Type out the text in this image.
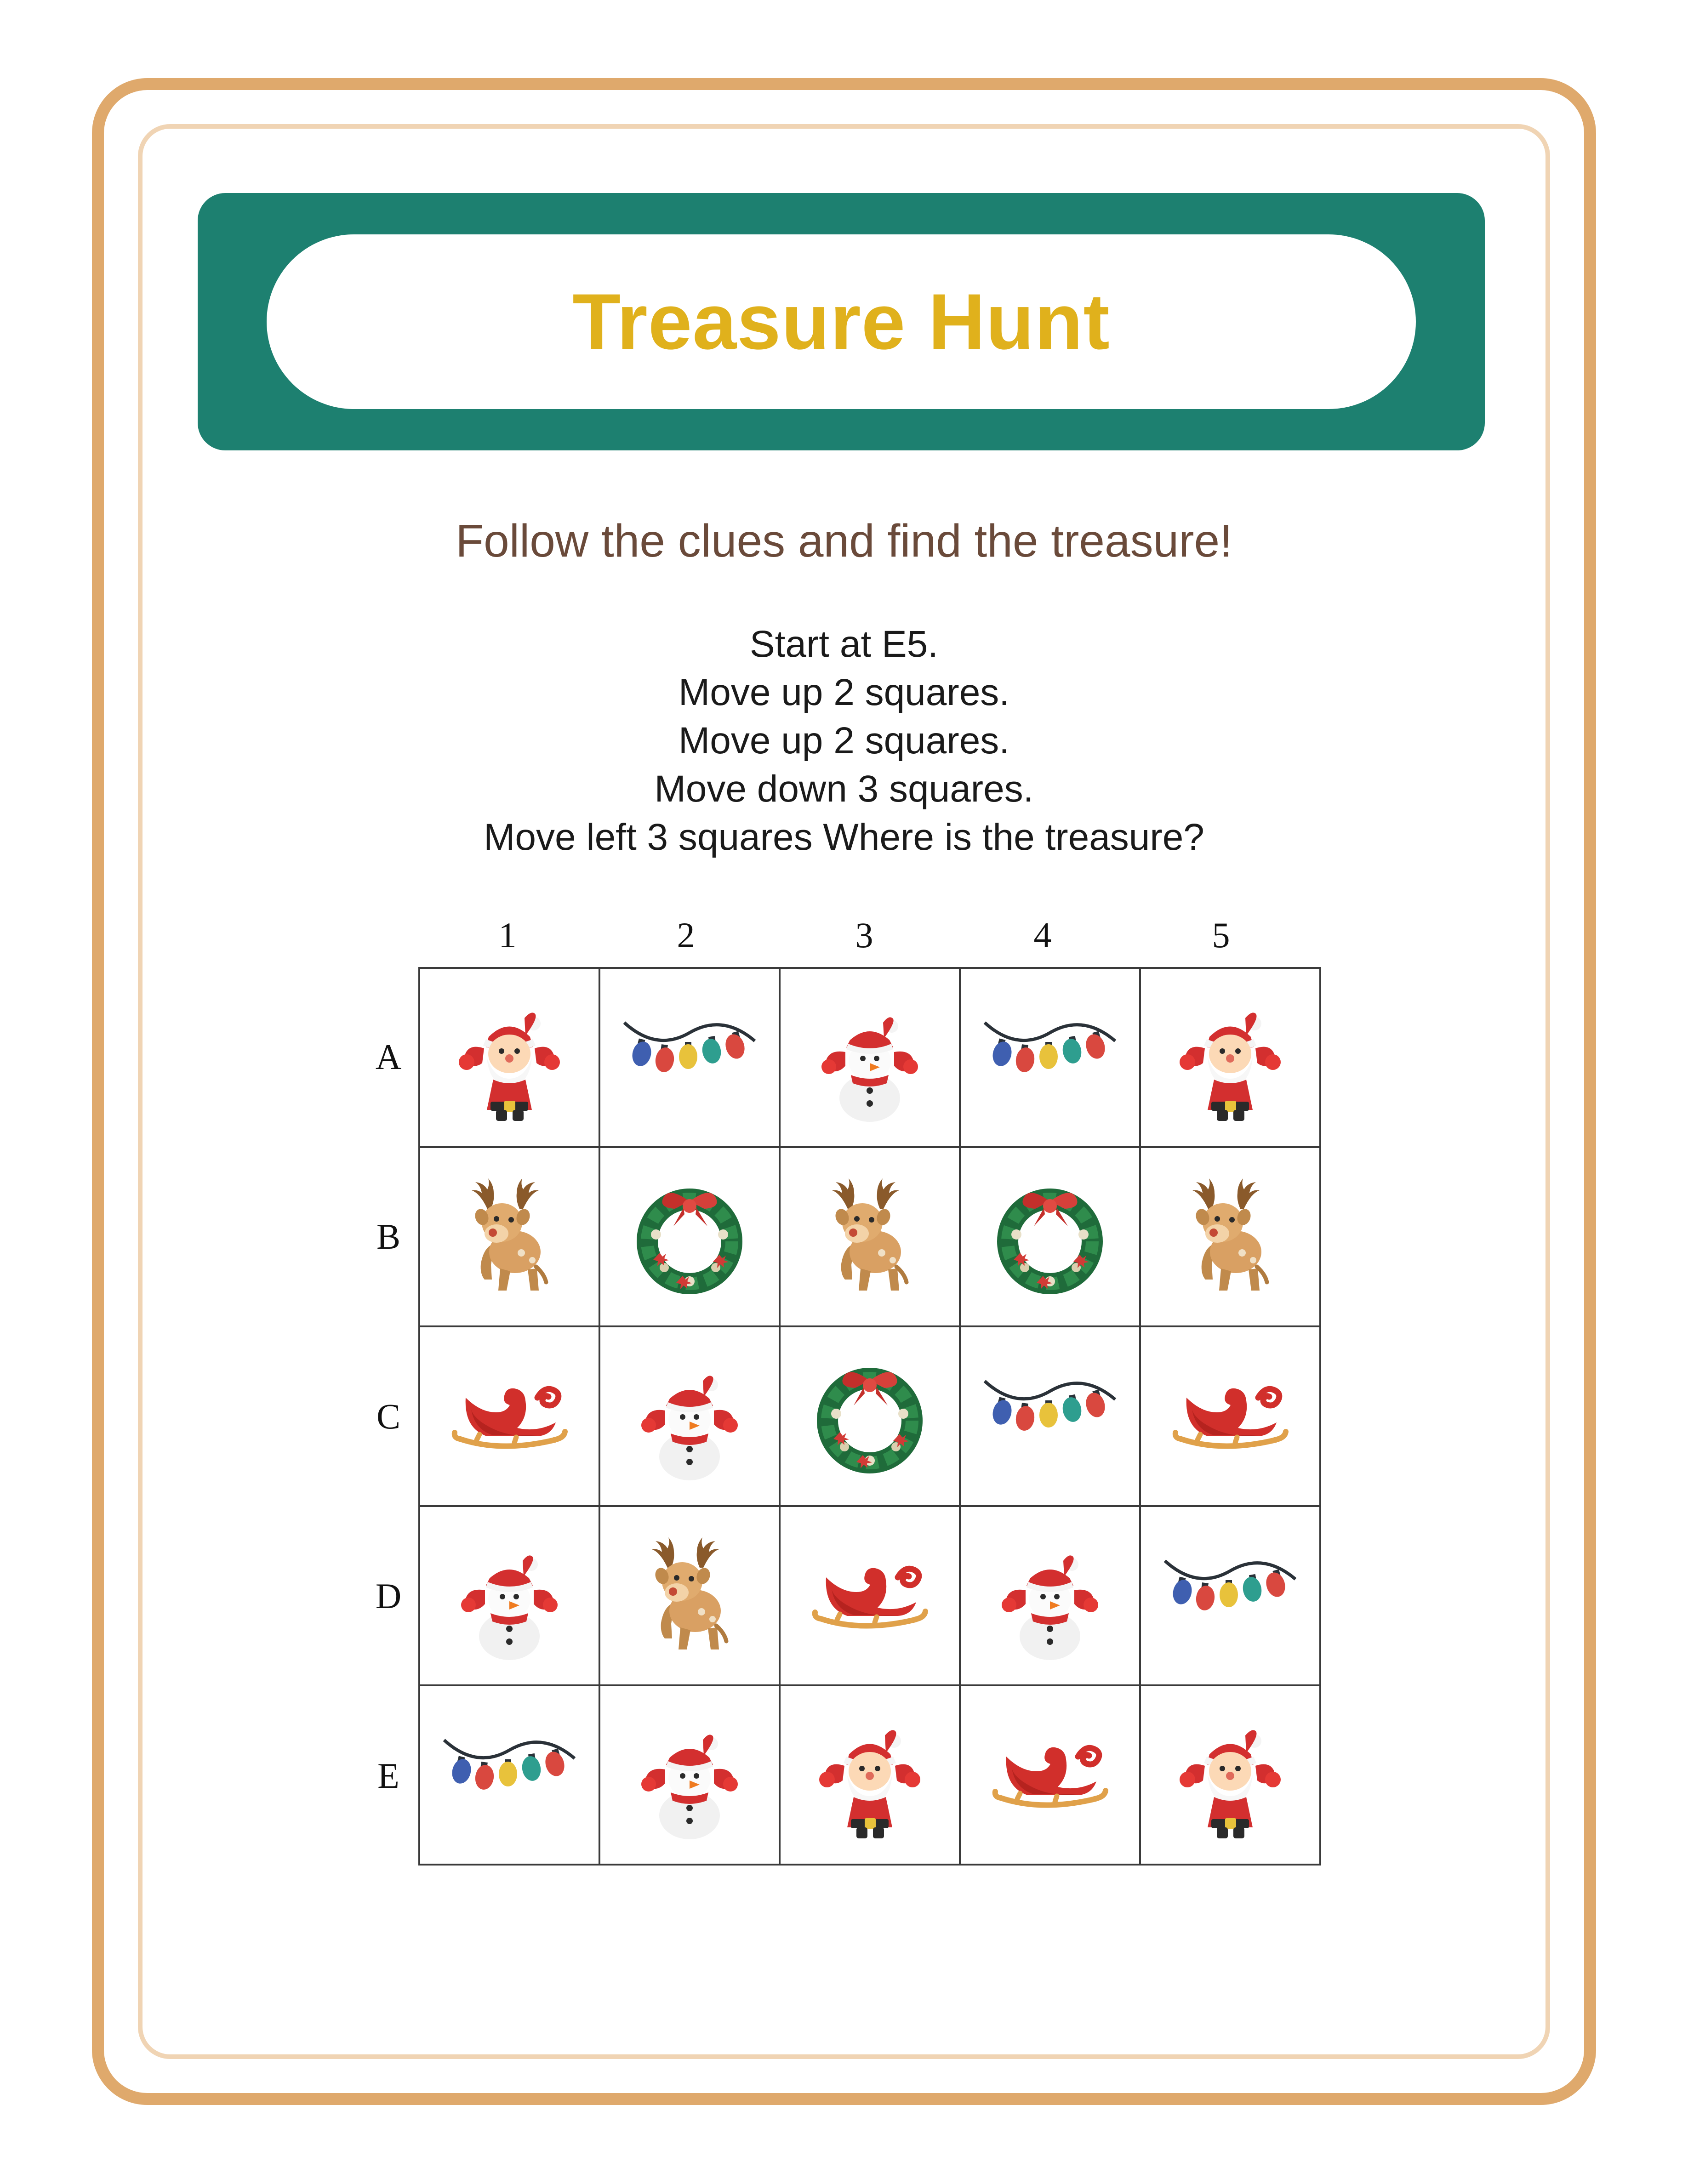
Treasure Hunt
Follow the clues and find the treasure!
Start at E5.
Move up 2 squares.
Move up 2 squares.
Move down 3 squares.
Move left 3 squares Where is the treasure?
1	2	3	4	5
A
B
C
D
E
